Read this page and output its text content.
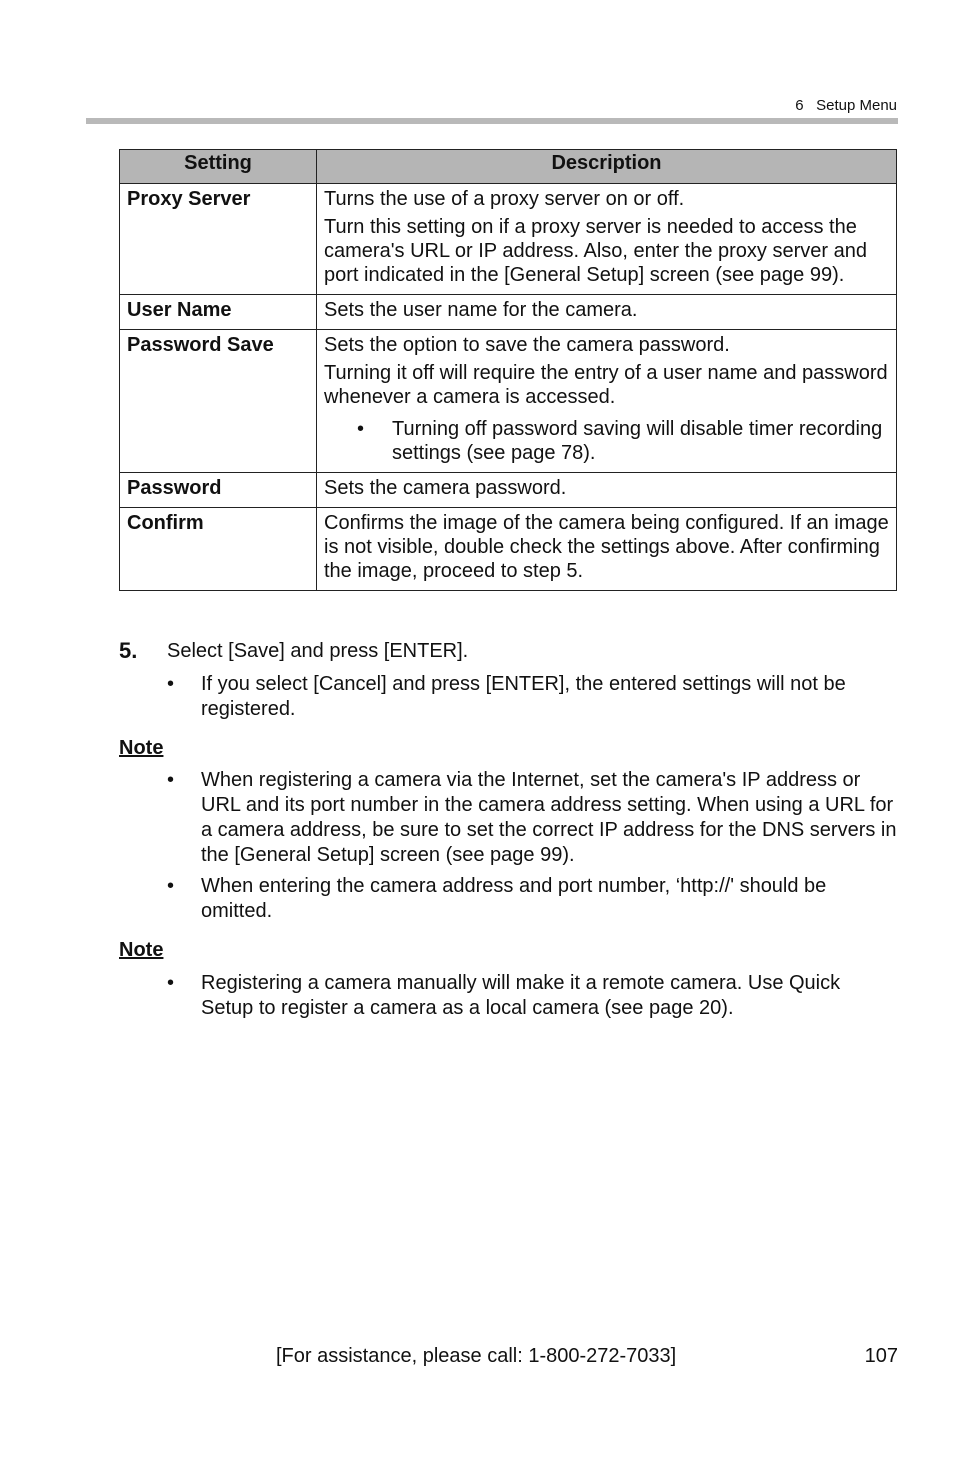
6   Setup Menu
Setting	Description
Proxy Server	Turns the use of a proxy server on or off.

Turn this setting on if a proxy server is needed to access the camera's URL or IP address. Also, enter the proxy server and port indicated in the [General Setup] screen (see page 99).

User Name	Sets the user name for the camera.

Password Save	Sets the option to save the camera password.

Turning it off will require the entry of a user name and password whenever a camera is accessed.

• Turning off password saving will disable timer recording settings (see page 78).

Password	Sets the camera password.

Confirm	Confirms the image of the camera being configured. If an image is not visible, double check the settings above. After confirming the image, proceed to step 5.

5. Select [Save] and press [ENTER].
•	If you select [Cancel] and press [ENTER], the entered settings will not be registered.
Note
•	When registering a camera via the Internet, set the camera's IP address or URL and its port number in the camera address setting. When using a URL for a camera address, be sure to set the correct IP address for the DNS servers in the [General Setup] screen (see page 99).
•	When entering the camera address and port number, ‘http://' should be omitted.
Note
•	Registering a camera manually will make it a remote camera. Use Quick Setup to register a camera as a local camera (see page 20).
[For assistance, please call: 1-800-272-7033]	107
